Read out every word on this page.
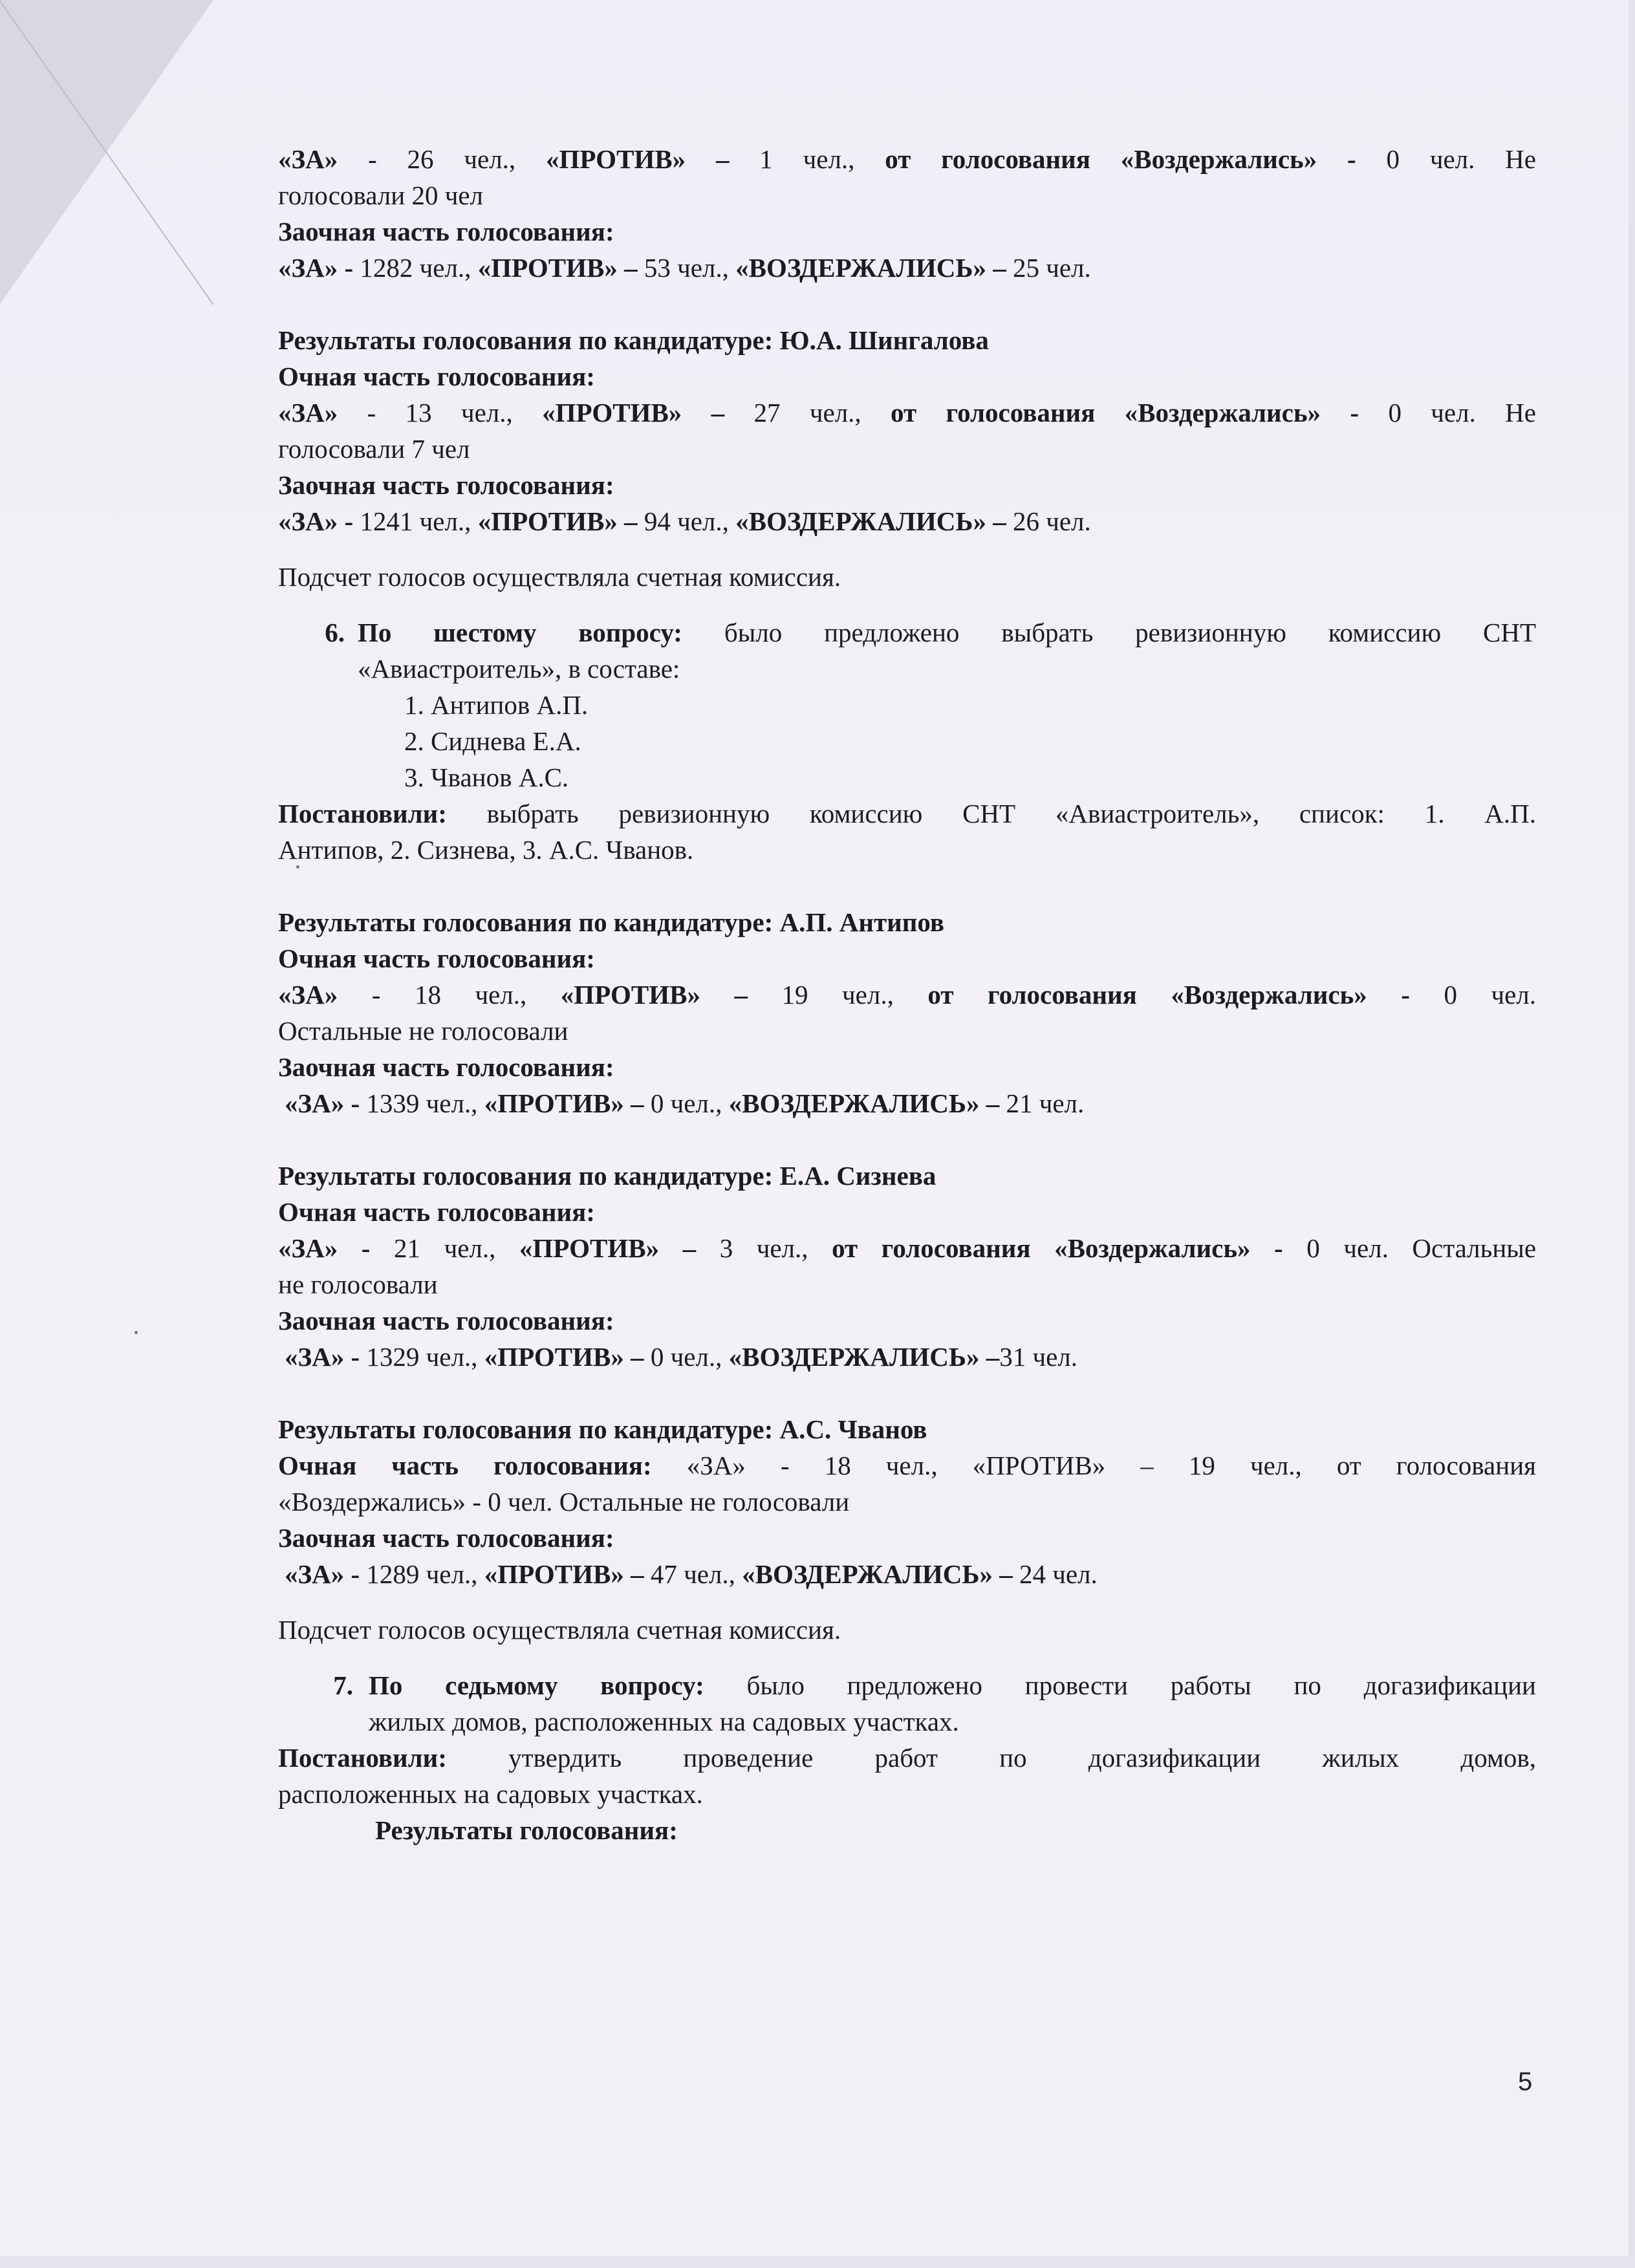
«ЗА» - 26 чел., «ПРОТИВ» – 1 чел., от голосования «Воздержались» - 0 чел. Не

голосовали 20 чел

Заочная часть голосования:

«ЗА» - 1282 чел., «ПРОТИВ» – 53 чел., «ВОЗДЕРЖАЛИСЬ» – 25 чел.

Результаты голосования по кандидатуре: Ю.А. Шингалова

Очная часть голосования:

«ЗА» - 13 чел., «ПРОТИВ» – 27 чел., от голосования «Воздержались» - 0 чел. Не

голосовали 7 чел

Заочная часть голосования:

«ЗА» - 1241 чел., «ПРОТИВ» – 94 чел., «ВОЗДЕРЖАЛИСЬ» – 26 чел.

Подсчет голосов осуществляла счетная комиссия.

6. По шестому вопросу: было предложено выбрать ревизионную комиссию СНТ

«Авиастроитель», в составе:

1. Антипов А.П.

2. Сиднева Е.А.

3. Чванов А.С.

Постановили: выбрать ревизионную комиссию СНТ «Авиастроитель», список: 1. А.П.

Антипов, 2. Сизнева, 3. А.С. Чванов.

Результаты голосования по кандидатуре: А.П. Антипов

Очная часть голосования:

«ЗА» - 18 чел., «ПРОТИВ» – 19 чел., от голосования «Воздержались» - 0 чел.

Остальные не голосовали

Заочная часть голосования:

«ЗА» - 1339 чел., «ПРОТИВ» – 0 чел., «ВОЗДЕРЖАЛИСЬ» – 21 чел.

Результаты голосования по кандидатуре: Е.А. Сизнева

Очная часть голосования:

«ЗА» - 21 чел., «ПРОТИВ» – 3 чел., от голосования «Воздержались» - 0 чел. Остальные

не голосовали

Заочная часть голосования:

«ЗА» - 1329 чел., «ПРОТИВ» – 0 чел., «ВОЗДЕРЖАЛИСЬ» –31 чел.

Результаты голосования по кандидатуре: А.С. Чванов

Очная часть голосования: «ЗА» - 18 чел., «ПРОТИВ» – 19 чел., от голосования

«Воздержались» - 0 чел. Остальные не голосовали

Заочная часть голосования:

«ЗА» - 1289 чел., «ПРОТИВ» – 47 чел., «ВОЗДЕРЖАЛИСЬ» – 24 чел.

Подсчет голосов осуществляла счетная комиссия.

7. По седьмому вопросу: было предложено провести работы по догазификации

жилых домов, расположенных на садовых участках.

Постановили: утвердить проведение работ по догазификации жилых домов,

расположенных на садовых участках.

Результаты голосования:

5
